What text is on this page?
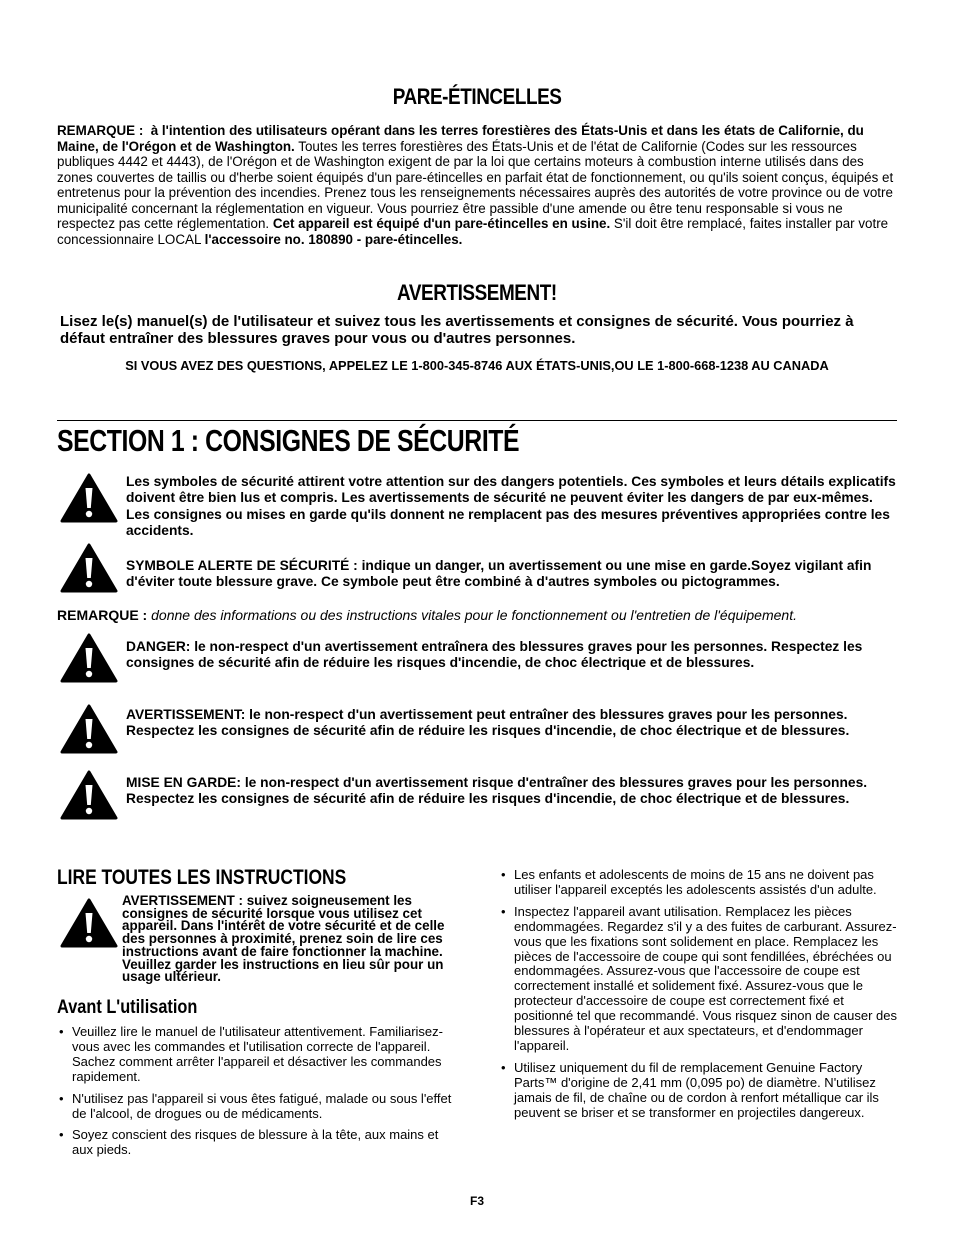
PARE-ÉTINCELLES
REMARQUE : à l'intention des utilisateurs opérant dans les terres forestières des États-Unis et dans les états de Californie, du Maine, de l'Orégon et de Washington. Toutes les terres forestières des États-Unis et de l'état de Californie (Codes sur les ressources publiques 4442 et 4443), de l'Orégon et de Washington exigent de par la loi que certains moteurs à combustion interne utilisés dans des zones couvertes de taillis ou d'herbe soient équipés d'un pare-étincelles en parfait état de fonctionnement, ou qu'ils soient conçus, équipés et entretenus pour la prévention des incendies. Prenez tous les renseignements nécessaires auprès des autorités de votre province ou de votre municipalité concernant la réglementation en vigueur. Vous pourriez être passible d'une amende ou être tenu responsable si vous ne respectez pas cette réglementation. Cet appareil est équipé d'un pare-étincelles en usine. S'il doit être remplacé, faites installer par votre concessionnaire LOCAL l'accessoire no. 180890 - pare-étincelles.
AVERTISSEMENT!
Lisez le(s) manuel(s) de l'utilisateur et suivez tous les avertissements et consignes de sécurité. Vous pourriez à défaut entraîner des blessures graves pour vous ou d'autres personnes.
SI VOUS AVEZ DES QUESTIONS, APPELEZ LE 1-800-345-8746 AUX ÉTATS-UNIS,OU LE 1-800-668-1238 AU CANADA
SECTION 1 : CONSIGNES DE SÉCURITÉ
Les symboles de sécurité attirent votre attention sur des dangers potentiels. Ces symboles et leurs détails explicatifs doivent être bien lus et compris. Les avertissements de sécurité ne peuvent éviter les dangers de par eux-mêmes. Les consignes ou mises en garde qu'ils donnent ne remplacent pas des mesures préventives appropriées contre les accidents.
SYMBOLE ALERTE DE SÉCURITÉ : indique un danger, un avertissement ou une mise en garde.Soyez vigilant afin d'éviter toute blessure grave. Ce symbole peut être combiné à d'autres symboles ou pictogrammes.
REMARQUE : donne des informations ou des instructions vitales pour le fonctionnement ou l'entretien de l'équipement.
DANGER: le non-respect d'un avertissement entraînera des blessures graves pour les personnes. Respectez les consignes de sécurité afin de réduire les risques d'incendie, de choc électrique et de blessures.
AVERTISSEMENT: le non-respect d'un avertissement peut entraîner des blessures graves pour les personnes. Respectez les consignes de sécurité afin de réduire les risques d'incendie, de choc électrique et de blessures.
MISE EN GARDE: le non-respect d'un avertissement risque d'entraîner des blessures graves pour les personnes. Respectez les consignes de sécurité afin de réduire les risques d'incendie, de choc électrique et de blessures.
LIRE TOUTES LES INSTRUCTIONS
AVERTISSEMENT : suivez soigneusement les consignes de sécurité lorsque vous utilisez cet appareil. Dans l'intérêt de votre sécurité et de celle des personnes à proximité, prenez soin de lire ces instructions avant de faire fonctionner la machine. Veuillez garder les instructions en lieu sûr pour un usage ultérieur.
Avant L'utilisation
• Veuillez lire le manuel de l'utilisateur attentivement. Familiarisez-vous avec les commandes et l'utilisation correcte de l'appareil. Sachez comment arrêter l'appareil et désactiver les commandes rapidement.
• N'utilisez pas l'appareil si vous êtes fatigué, malade ou sous l'effet de l'alcool, de drogues ou de médicaments.
• Soyez conscient des risques de blessure à la tête, aux mains et aux pieds.
• Les enfants et adolescents de moins de 15 ans ne doivent pas utiliser l'appareil exceptés les adolescents assistés d'un adulte.
• Inspectez l'appareil avant utilisation. Remplacez les pièces endommagées. Regardez s'il y a des fuites de carburant. Assurez-vous que les fixations sont solidement en place. Remplacez les pièces de l'accessoire de coupe qui sont fendillées, ébréchées ou endommagées. Assurez-vous que l'accessoire de coupe est correctement installé et solidement fixé. Assurez-vous que le protecteur d'accessoire de coupe est correctement fixé et positionné tel que recommandé. Vous risquez sinon de causer des blessures à l'opérateur et aux spectateurs, et d'endommager l'appareil.
• Utilisez uniquement du fil de remplacement Genuine Factory Parts™ d'origine de 2,41 mm (0,095 po) de diamètre. N'utilisez jamais de fil, de chaîne ou de cordon à renfort métallique car ils peuvent se briser et se transformer en projectiles dangereux.
F3
